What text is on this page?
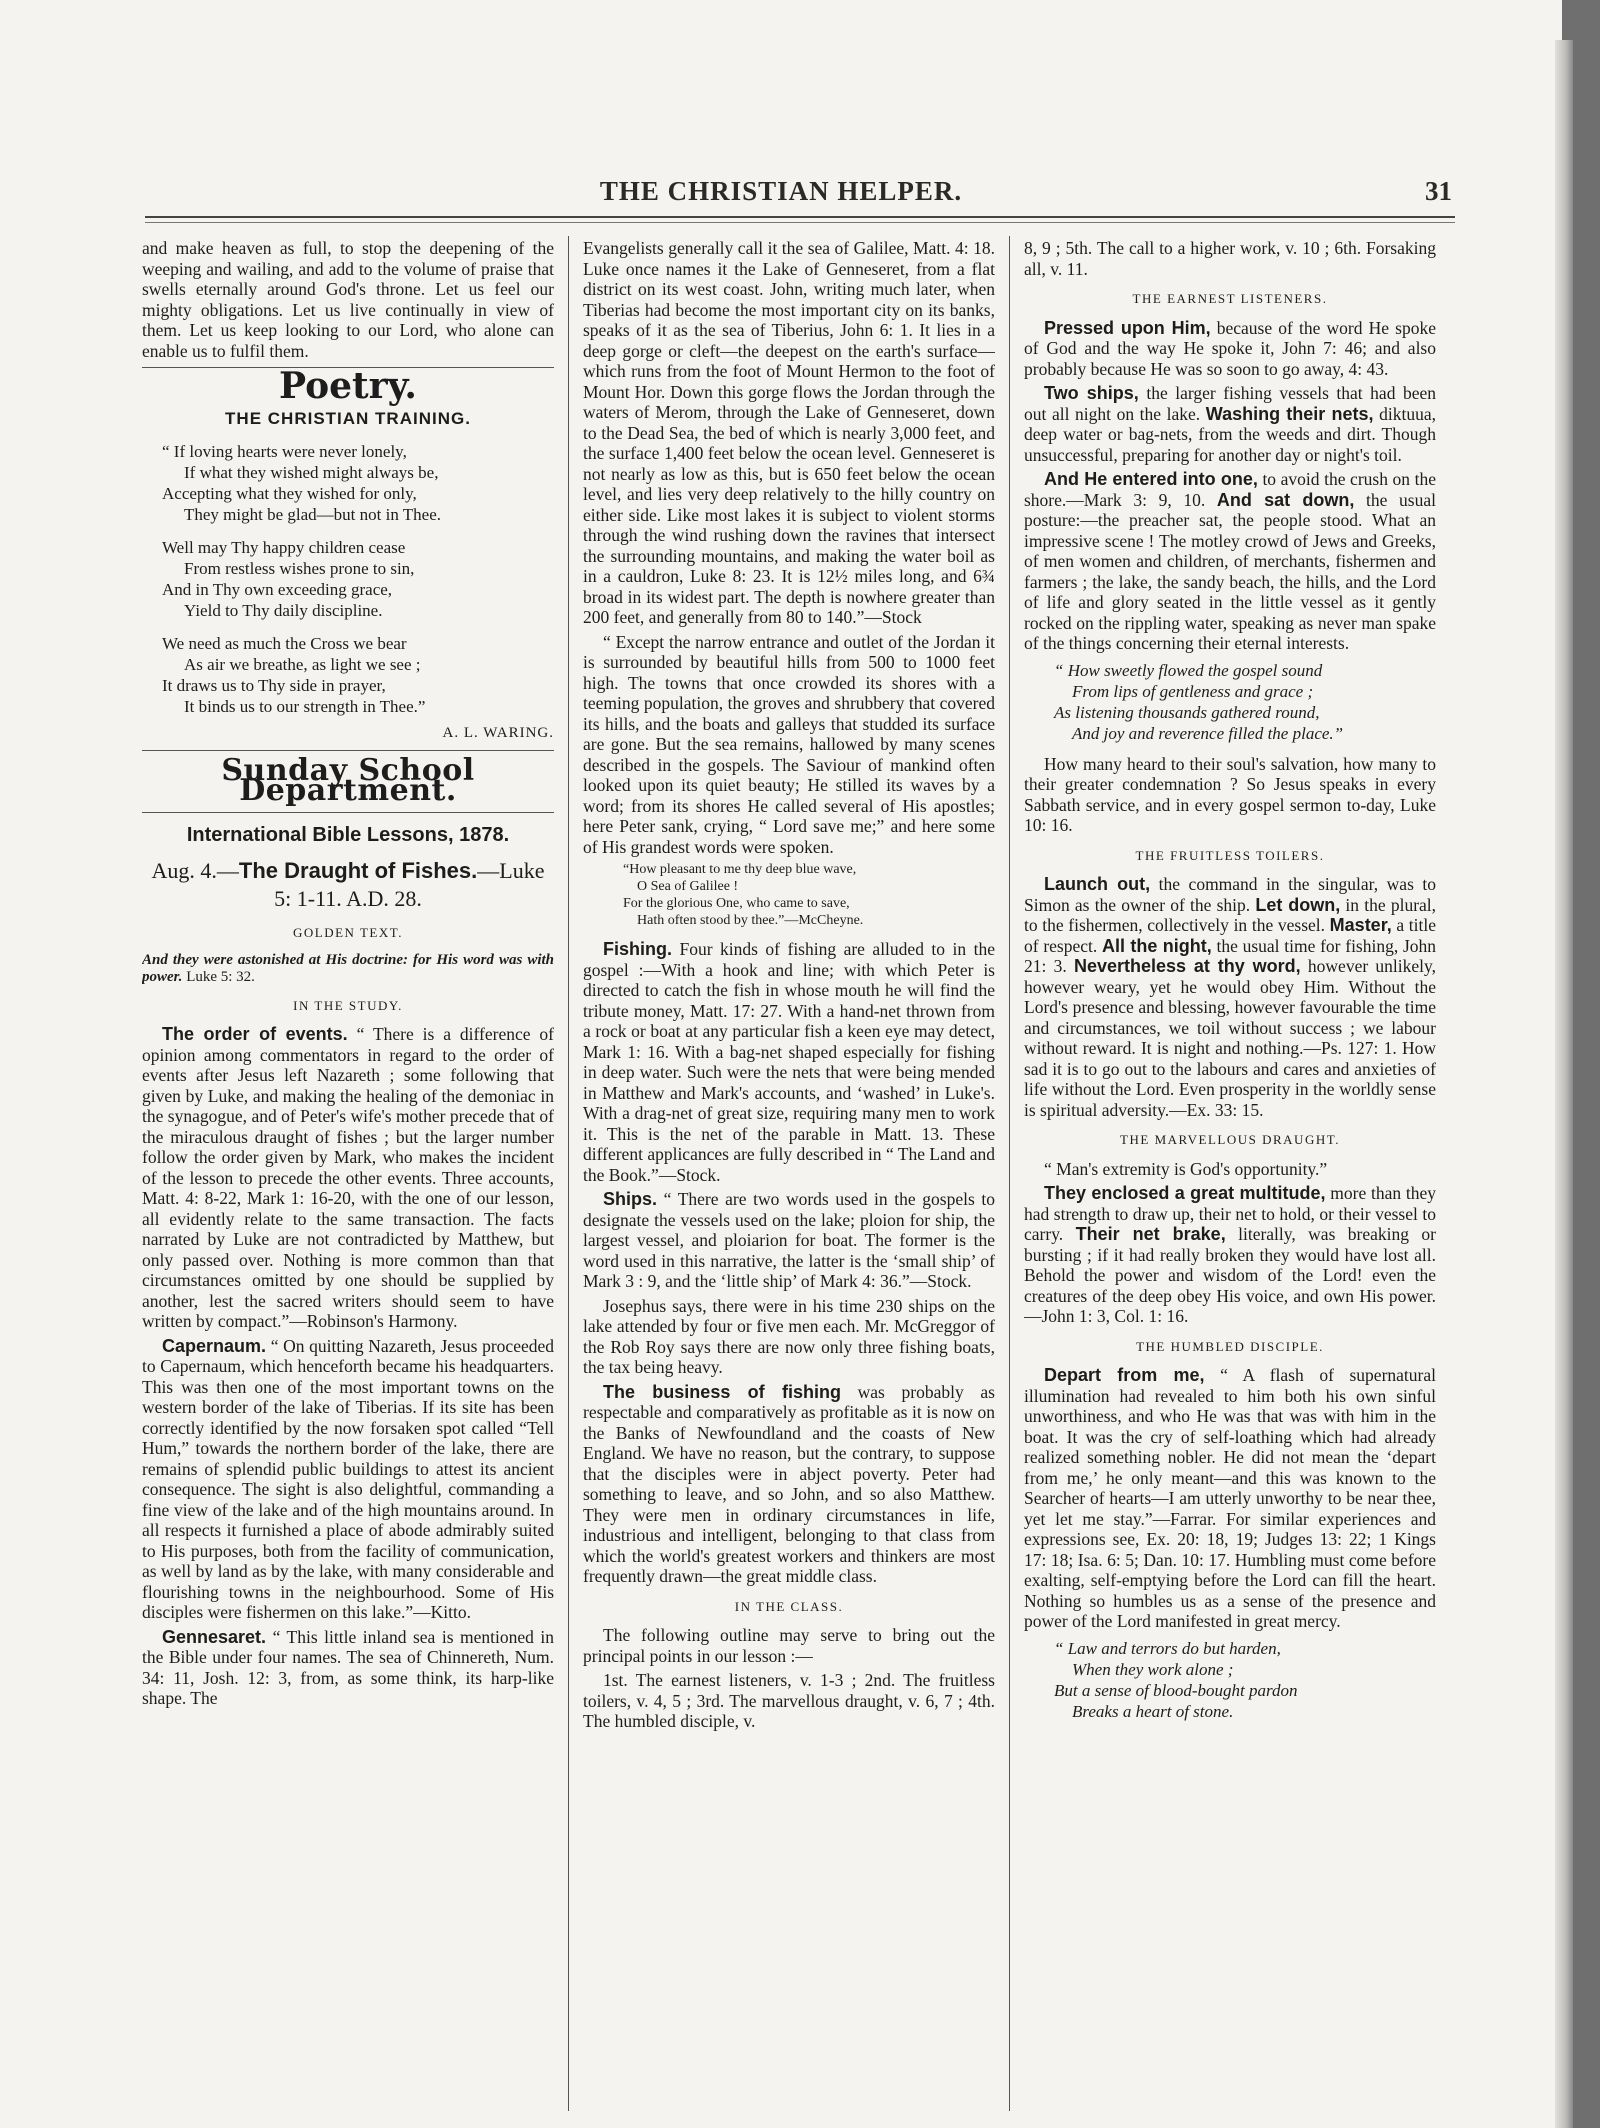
THE CHRISTIAN HELPER.	31

and make heaven as full, to stop the deepening of the weeping and wailing, and add to the volume of praise that swells eternally around God's throne. Let us feel our mighty obligations. Let us live continually in view of them. Let us keep looking to our Lord, who alone can enable us to fulfil them.

Poetry.
THE CHRISTIAN TRAINING.
“ If loving hearts were never lonely,
If what they wished might always be,
Accepting what they wished for only,
They might be glad—but not in Thee.
Well may Thy happy children cease
From restless wishes prone to sin,
And in Thy own exceeding grace,
Yield to Thy daily discipline.
We need as much the Cross we bear
As air we breathe, as light we see ;
It draws us to Thy side in prayer,
It binds us to our strength in Thee.”
A. L. WARING.
Sunday School Department.
International Bible Lessons, 1878.
Aug. 4.—The Draught of Fishes.—Luke
5: 1-11. A.D. 28.
GOLDEN TEXT.

And they were astonished at His doctrine: for His word was with power. Luke 5: 32.

IN THE STUDY.

The order of events. “ There is a difference of opinion among commentators in regard to the order of events after Jesus left Nazareth ; some following that given by Luke, and making the healing of the demoniac in the synagogue, and of Peter's wife's mother precede that of the miraculous draught of fishes ; but the larger number follow the order given by Mark, who makes the incident of the lesson to precede the other events. Three accounts, Matt. 4: 8-22, Mark 1: 16-20, with the one of our lesson, all evidently relate to the same transaction. The facts narrated by Luke are not contradicted by Matthew, but only passed over. Nothing is more common than that circumstances omitted by one should be supplied by another, lest the sacred writers should seem to have written by compact.”—Robinson's Harmony.

Capernaum. “ On quitting Nazareth, Jesus proceeded to Capernaum, which henceforth became his headquarters. This was then one of the most important towns on the western border of the lake of Tiberias. If its site has been correctly identified by the now forsaken spot called “Tell Hum,” towards the northern border of the lake, there are remains of splendid public buildings to attest its ancient consequence. The sight is also delightful, commanding a fine view of the lake and of the high mountains around. In all respects it furnished a place of abode admirably suited to His purposes, both from the facility of communication, as well by land as by the lake, with many considerable and flourishing towns in the neighbourhood. Some of His disciples were fishermen on this lake.”—Kitto.

Gennesaret. “ This little inland sea is mentioned in the Bible under four names. The sea of Chinnereth, Num. 34: 11, Josh. 12: 3, from, as some think, its harp-like shape. The

Evangelists generally call it the sea of Galilee, Matt. 4: 18. Luke once names it the Lake of Genneseret, from a flat district on its west coast. John, writing much later, when Tiberias had become the most important city on its banks, speaks of it as the sea of Tiberius, John 6: 1. It lies in a deep gorge or cleft—the deepest on the earth's surface—which runs from the foot of Mount Hermon to the foot of Mount Hor. Down this gorge flows the Jordan through the waters of Merom, through the Lake of Genneseret, down to the Dead Sea, the bed of which is nearly 3,000 feet, and the surface 1,400 feet below the ocean level. Genneseret is not nearly as low as this, but is 650 feet below the ocean level, and lies very deep relatively to the hilly country on either side. Like most lakes it is subject to violent storms through the wind rushing down the ravines that intersect the surrounding mountains, and making the water boil as in a cauldron, Luke 8: 23. It is 12½ miles long, and 6¾ broad in its widest part. The depth is nowhere greater than 200 feet, and generally from 80 to 140.”—Stock

“ Except the narrow entrance and outlet of the Jordan it is surrounded by beautiful hills from 500 to 1000 feet high. The towns that once crowded its shores with a teeming population, the groves and shrubbery that covered its hills, and the boats and galleys that studded its surface are gone. But the sea remains, hallowed by many scenes described in the gospels. The Saviour of mankind often looked upon its quiet beauty; He stilled its waves by a word; from its shores He called several of His apostles; here Peter sank, crying, “ Lord save me;” and here some of His grandest words were spoken.

“How pleasant to me thy deep blue wave,
O Sea of Galilee !
For the glorious One, who came to save,
Hath often stood by thee.”—McCheyne.

Fishing. Four kinds of fishing are alluded to in the gospel :—With a hook and line; with which Peter is directed to catch the fish in whose mouth he will find the tribute money, Matt. 17: 27. With a hand-net thrown from a rock or boat at any particular fish a keen eye may detect, Mark 1: 16. With a bag-net shaped especially for fishing in deep water. Such were the nets that were being mended in Matthew and Mark's accounts, and ‘washed’ in Luke's. With a drag-net of great size, requiring many men to work it. This is the net of the parable in Matt. 13. These different applicances are fully described in “ The Land and the Book.”—Stock.

Ships. “ There are two words used in the gospels to designate the vessels used on the lake; ploion for ship, the largest vessel, and ploiarion for boat. The former is the word used in this narrative, the latter is the ‘small ship’ of Mark 3 : 9, and the ‘little ship’ of Mark 4: 36.”—Stock.

Josephus says, there were in his time 230 ships on the lake attended by four or five men each. Mr. McGreggor of the Rob Roy says there are now only three fishing boats, the tax being heavy.

The business of fishing was probably as respectable and comparatively as profitable as it is now on the Banks of Newfoundland and the coasts of New England. We have no reason, but the contrary, to suppose that the disciples were in abject poverty. Peter had something to leave, and so John, and so also Matthew. They were men in ordinary circumstances in life, industrious and intelligent, belonging to that class from which the world's greatest workers and thinkers are most frequently drawn—the great middle class.

IN THE CLASS.

The following outline may serve to bring out the principal points in our lesson :—

1st. The earnest listeners, v. 1-3 ; 2nd. The fruitless toilers, v. 4, 5 ; 3rd. The marvellous draught, v. 6, 7 ; 4th. The humbled disciple, v.

8, 9 ; 5th. The call to a higher work, v. 10 ; 6th. Forsaking all, v. 11.

THE EARNEST LISTENERS.

Pressed upon Him, because of the word He spoke of God and the way He spoke it, John 7: 46; and also probably because He was so soon to go away, 4: 43.

Two ships, the larger fishing vessels that had been out all night on the lake. Washing their nets, diktuua, deep water or bag-nets, from the weeds and dirt. Though unsuccessful, preparing for another day or night's toil.

And He entered into one, to avoid the crush on the shore.—Mark 3: 9, 10. And sat down, the usual posture:—the preacher sat, the people stood. What an impressive scene ! The motley crowd of Jews and Greeks, of men women and children, of merchants, fishermen and farmers ; the lake, the sandy beach, the hills, and the Lord of life and glory seated in the little vessel as it gently rocked on the rippling water, speaking as never man spake of the things concerning their eternal interests.

“ How sweetly flowed the gospel sound
From lips of gentleness and grace ;
As listening thousands gathered round,
And joy and reverence filled the place.”

How many heard to their soul's salvation, how many to their greater condemnation ? So Jesus speaks in every Sabbath service, and in every gospel sermon to-day, Luke 10: 16.

THE FRUITLESS TOILERS.

Launch out, the command in the singular, was to Simon as the owner of the ship. Let down, in the plural, to the fishermen, collectively in the vessel. Master, a title of respect. All the night, the usual time for fishing, John 21: 3. Nevertheless at thy word, however unlikely, however weary, yet he would obey Him. Without the Lord's presence and blessing, however favourable the time and circumstances, we toil without success ; we labour without reward. It is night and nothing.—Ps. 127: 1. How sad it is to go out to the labours and cares and anxieties of life without the Lord. Even prosperity in the worldly sense is spiritual adversity.—Ex. 33: 15.

THE MARVELLOUS DRAUGHT.

“ Man's extremity is God's opportunity.”

They enclosed a great multitude, more than they had strength to draw up, their net to hold, or their vessel to carry. Their net brake, literally, was breaking or bursting ; if it had really broken they would have lost all. Behold the power and wisdom of the Lord! even the creatures of the deep obey His voice, and own His power. —John 1: 3, Col. 1: 16.

THE HUMBLED DISCIPLE.

Depart from me, “ A flash of supernatural illumination had revealed to him both his own sinful unworthiness, and who He was that was with him in the boat. It was the cry of self-loathing which had already realized something nobler. He did not mean the ‘depart from me,’ he only meant—and this was known to the Searcher of hearts—I am utterly unworthy to be near thee, yet let me stay.”—Farrar. For similar experiences and expressions see, Ex. 20: 18, 19; Judges 13: 22; 1 Kings 17: 18; Isa. 6: 5; Dan. 10: 17. Humbling must come before exalting, self-emptying before the Lord can fill the heart. Nothing so humbles us as a sense of the presence and power of the Lord manifested in great mercy.

“ Law and terrors do but harden,
When they work alone ;
But a sense of blood-bought pardon
Breaks a heart of stone.
